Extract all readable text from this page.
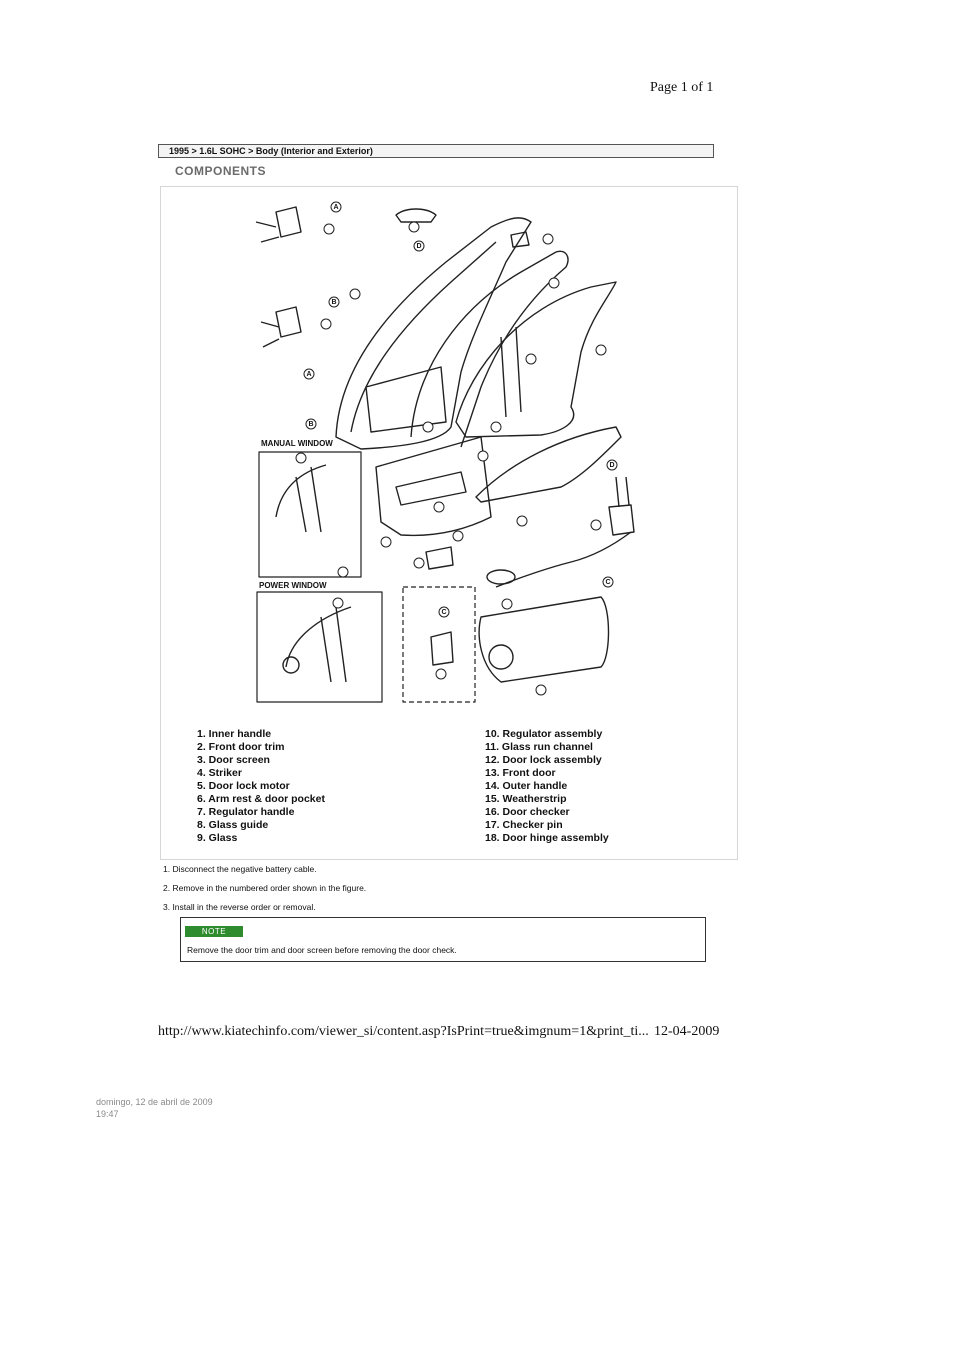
Page 1 of 1
1995 > 1.6L SOHC > Body (Interior and Exterior)
COMPONENTS
A
B
A
B
D
D
C
C
MANUAL WINDOW
POWER WINDOW
1. Inner handle
2. Front door trim
3. Door screen
4. Striker
5. Door lock motor
6. Arm rest & door pocket
7. Regulator handle
8. Glass guide
9. Glass
10. Regulator assembly
11. Glass run channel
12. Door lock assembly
13. Front door
14. Outer handle
15. Weatherstrip
16. Door checker
17. Checker pin
18. Door hinge assembly
1. Disconnect the negative battery cable.
2. Remove in the numbered order shown in the figure.
3. Install in the reverse order or removal.
NOTE
Remove the door trim and door screen before removing the door check.
http://www.kiatechinfo.com/viewer_si/content.asp?IsPrint=true&imgnum=1&print_ti... 12-04-2009
domingo, 12 de abril de 2009
19:47
